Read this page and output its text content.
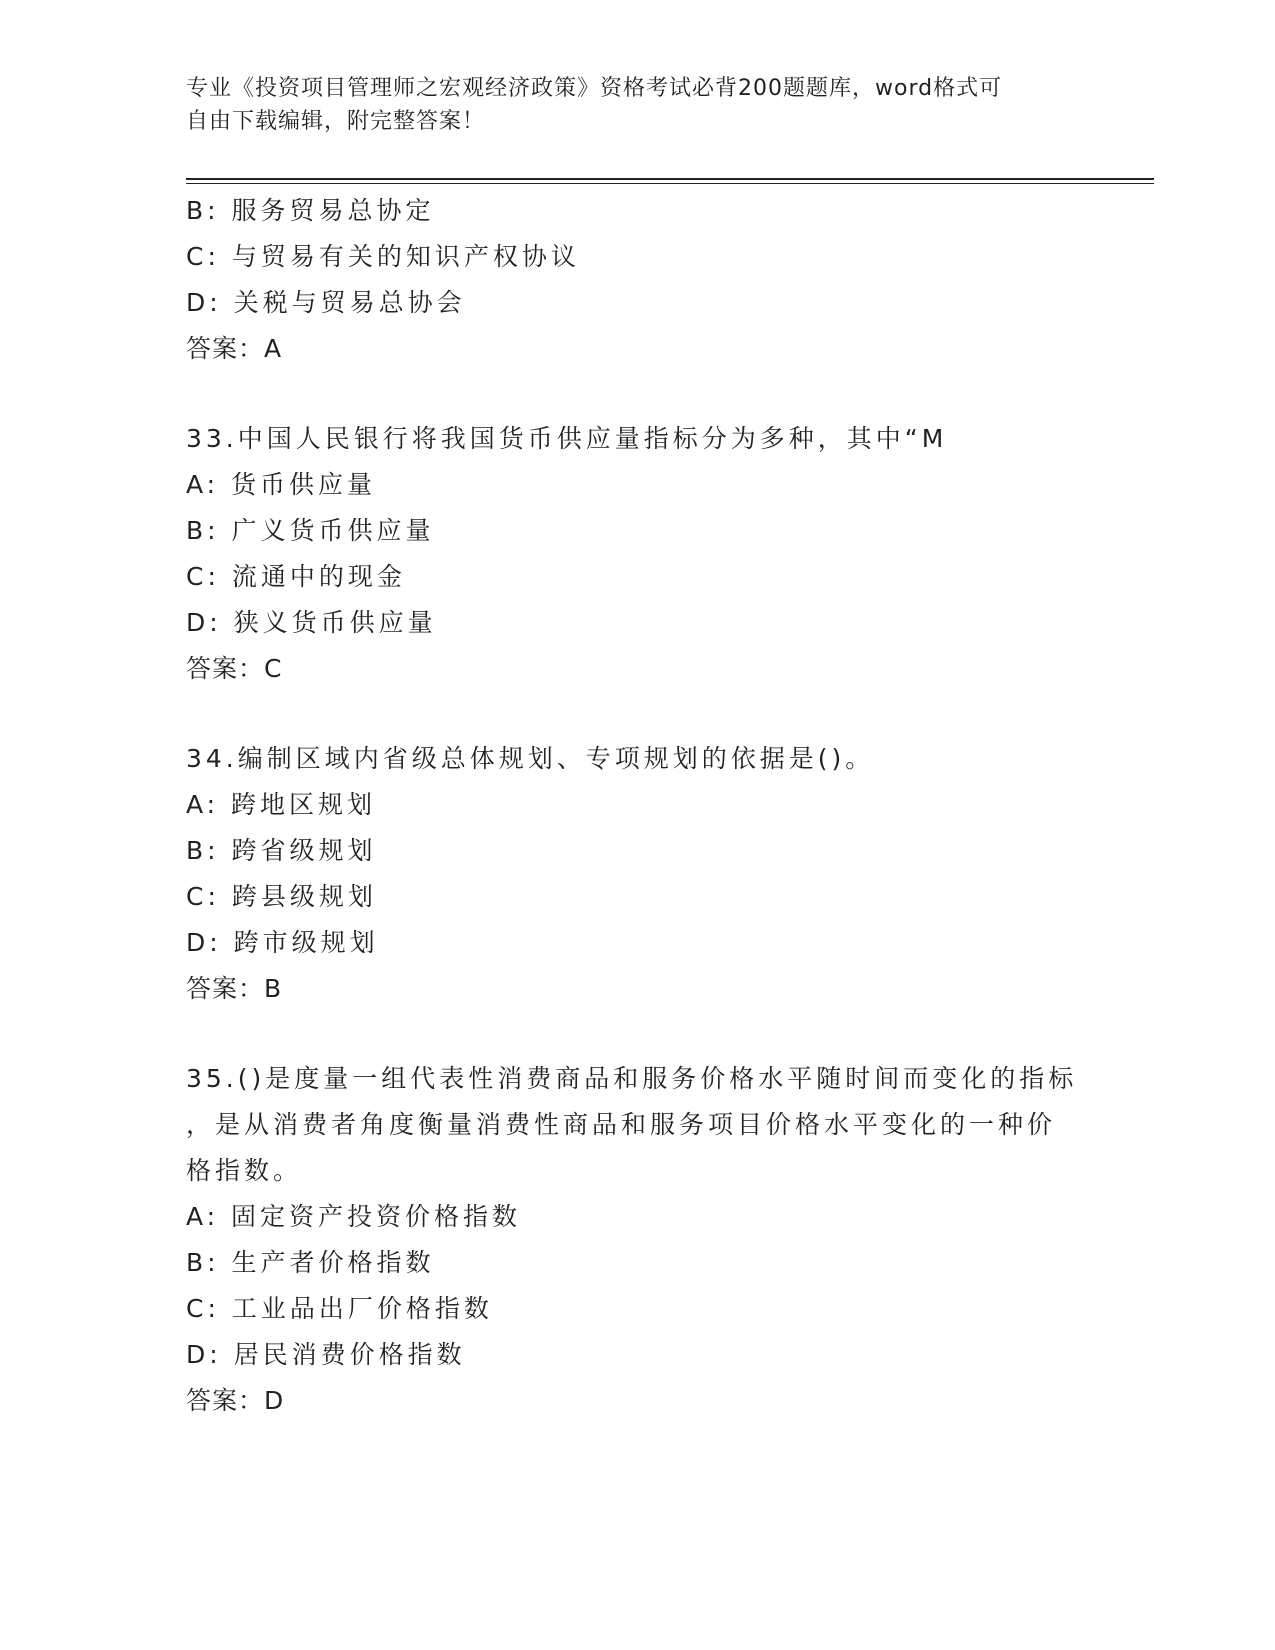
专业《投资项目管理师之宏观经济政策》资格考试必背200题题库，word格式可
自由下载编辑，附完整答案！
B: 服务贸易总协定
C: 与贸易有关的知识产权协议
D: 关税与贸易总协会
答案：A
33.中国人民银行将我国货币供应量指标分为多种，其中“M
A: 货币供应量
B: 广义货币供应量
C: 流通中的现金
D: 狭义货币供应量
答案：C
34.编制区域内省级总体规划、专项规划的依据是()。
A: 跨地区规划
B: 跨省级规划
C: 跨县级规划
D: 跨市级规划
答案：B
35.()是度量一组代表性消费商品和服务价格水平随时间而变化的指标
，是从消费者角度衡量消费性商品和服务项目价格水平变化的一种价
格指数。
A: 固定资产投资价格指数
B: 生产者价格指数
C: 工业品出厂价格指数
D: 居民消费价格指数
答案：D
